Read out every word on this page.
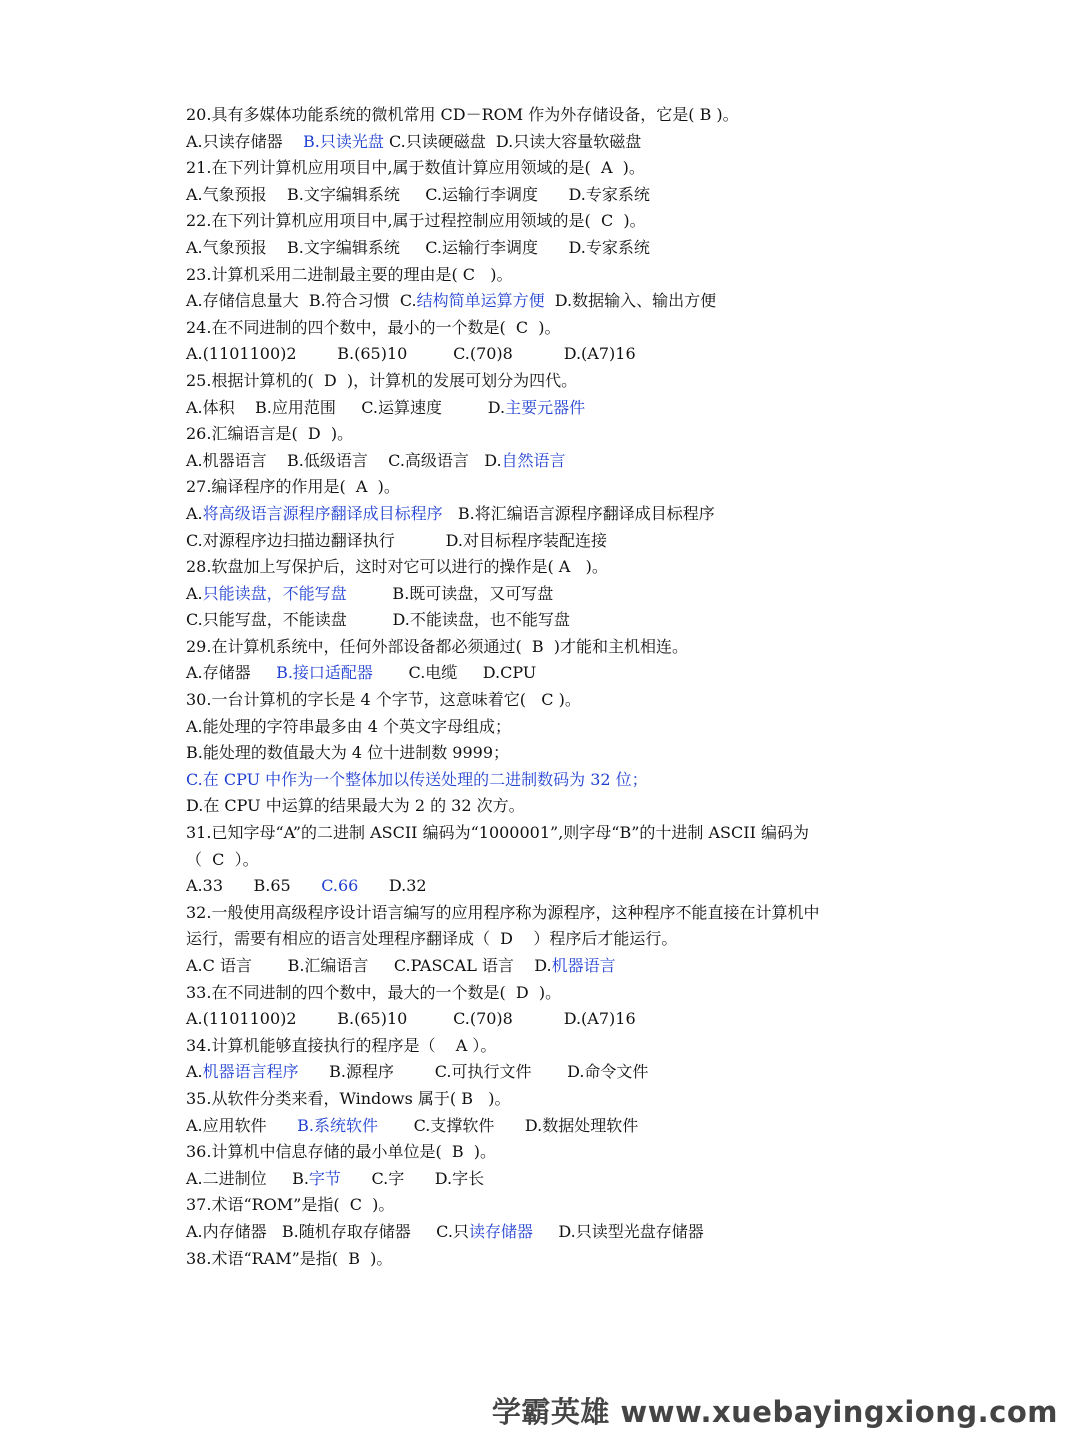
20.具有多媒体功能系统的微机常用 CD－ROM 作为外存储设备，它是( B )。
A.只读存储器    B.只读光盘 C.只读硬磁盘  D.只读大容量软磁盘
21.在下列计算机应用项目中,属于数值计算应用领域的是(  A  )。
A.气象预报    B.文字编辑系统     C.运输行李调度      D.专家系统
22.在下列计算机应用项目中,属于过程控制应用领域的是(  C  )。
A.气象预报    B.文字编辑系统     C.运输行李调度      D.专家系统
23.计算机采用二进制最主要的理由是( C   )。
A.存储信息量大  B.符合习惯  C.结构简单运算方便  D.数据输入、输出方便
24.在不同进制的四个数中，最小的一个数是(  C  )。
A.(1101100)2        B.(65)10         C.(70)8          D.(A7)16
25.根据计算机的(  D  )，计算机的发展可划分为四代。
A.体积    B.应用范围     C.运算速度         D.主要元器件
26.汇编语言是(  D  )。
A.机器语言    B.低级语言    C.高级语言   D.自然语言
27.编译程序的作用是(  A  )。
A.将高级语言源程序翻译成目标程序   B.将汇编语言源程序翻译成目标程序
C.对源程序边扫描边翻译执行          D.对目标程序装配连接
28.软盘加上写保护后，这时对它可以进行的操作是( A   )。
A.只能读盘，不能写盘         B.既可读盘，又可写盘
C.只能写盘，不能读盘         D.不能读盘，也不能写盘
29.在计算机系统中，任何外部设备都必须通过(  B  )才能和主机相连。
A.存储器     B.接口适配器       C.电缆     D.CPU
30.一台计算机的字长是 4 个字节，这意味着它(   C )。
A.能处理的字符串最多由 4 个英文字母组成；
B.能处理的数值最大为 4 位十进制数 9999；
C.在 CPU 中作为一个整体加以传送处理的二进制数码为 32 位；
D.在 CPU 中运算的结果最大为 2 的 32 次方。
31.已知字母“A”的二进制 ASCII 编码为“1000001”,则字母“B”的十进制 ASCII 编码为
（  C  ）。
A.33      B.65      C.66      D.32
32.一般使用高级程序设计语言编写的应用程序称为源程序，这种程序不能直接在计算机中
运行，需要有相应的语言处理程序翻译成（  D    ）程序后才能运行。
A.C 语言       B.汇编语言     C.PASCAL 语言    D.机器语言
33.在不同进制的四个数中，最大的一个数是(  D  )。
A.(1101100)2        B.(65)10         C.(70)8          D.(A7)16
34.计算机能够直接执行的程序是（    A ）。
A.机器语言程序      B.源程序        C.可执行文件       D.命令文件
35.从软件分类来看，Windows 属于( B   )。
A.应用软件      B.系统软件       C.支撑软件      D.数据处理软件
36.计算机中信息存储的最小单位是(  B  )。
A.二进制位     B.字节      C.字      D.字长
37.术语“ROM”是指(  C  )。
A.内存储器   B.随机存取存储器     C.只读存储器     D.只读型光盘存储器
38.术语“RAM”是指(  B  )。
学霸英雄 www.xuebayingxiong.com
